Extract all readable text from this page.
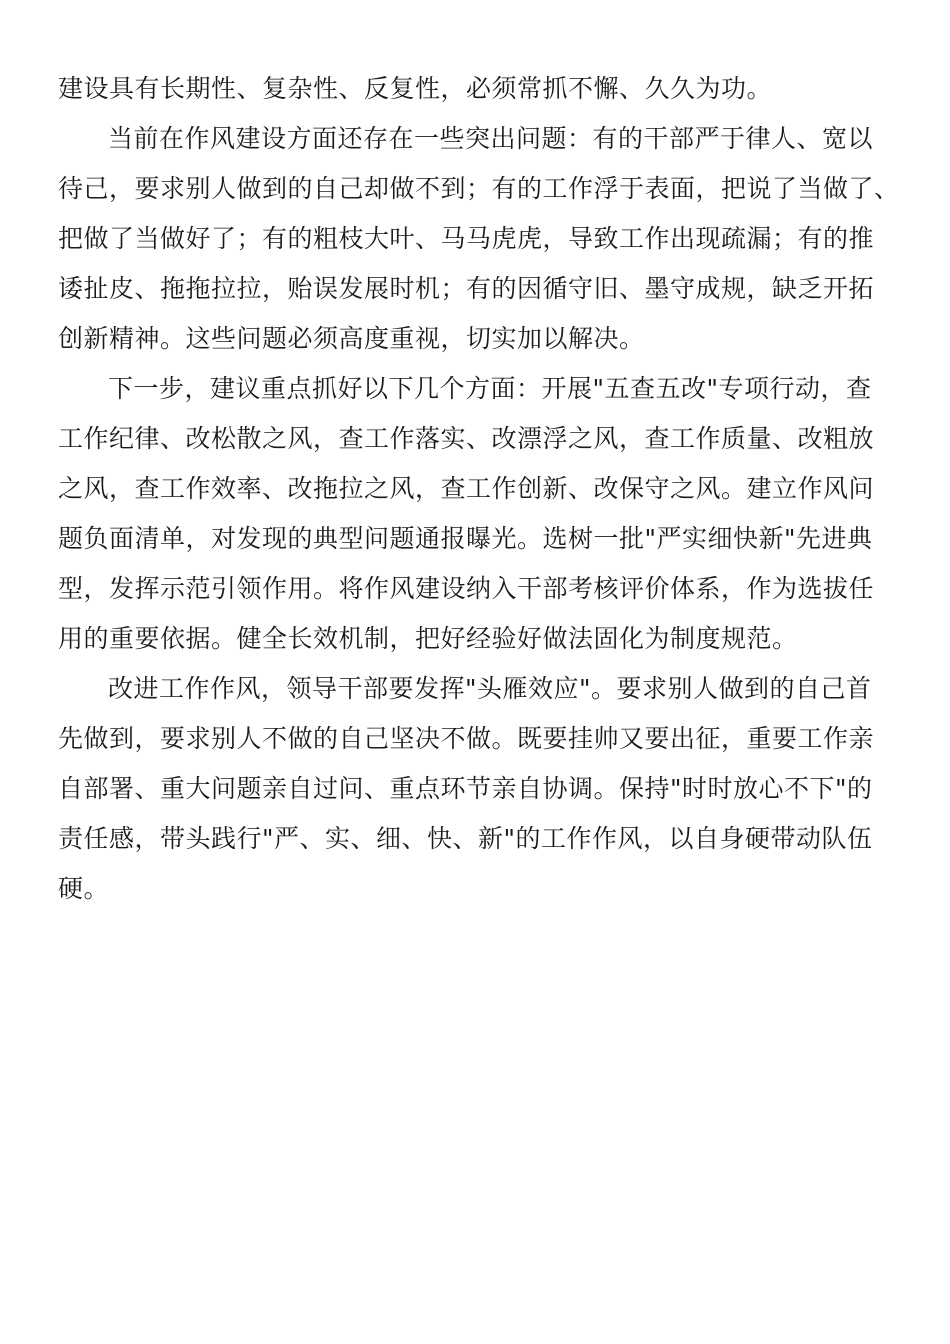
建设具有长期性、复杂性、反复性，必须常抓不懈、久久为功。
当前在作风建设方面还存在一些突出问题：有的干部严于律人、宽以
待己，要求别人做到的自己却做不到；有的工作浮于表面，把说了当做了、
把做了当做好了；有的粗枝大叶、马马虎虎，导致工作出现疏漏；有的推
诿扯皮、拖拖拉拉，贻误发展时机；有的因循守旧、墨守成规，缺乏开拓
创新精神。这些问题必须高度重视，切实加以解决。
下一步，建议重点抓好以下几个方面：开展"五查五改"专项行动，查
工作纪律、改松散之风，查工作落实、改漂浮之风，查工作质量、改粗放
之风，查工作效率、改拖拉之风，查工作创新、改保守之风。建立作风问
题负面清单，对发现的典型问题通报曝光。选树一批"严实细快新"先进典
型，发挥示范引领作用。将作风建设纳入干部考核评价体系，作为选拔任
用的重要依据。健全长效机制，把好经验好做法固化为制度规范。
改进工作作风，领导干部要发挥"头雁效应"。要求别人做到的自己首
先做到，要求别人不做的自己坚决不做。既要挂帅又要出征，重要工作亲
自部署、重大问题亲自过问、重点环节亲自协调。保持"时时放心不下"的
责任感，带头践行"严、实、细、快、新"的工作作风，以自身硬带动队伍
硬。
